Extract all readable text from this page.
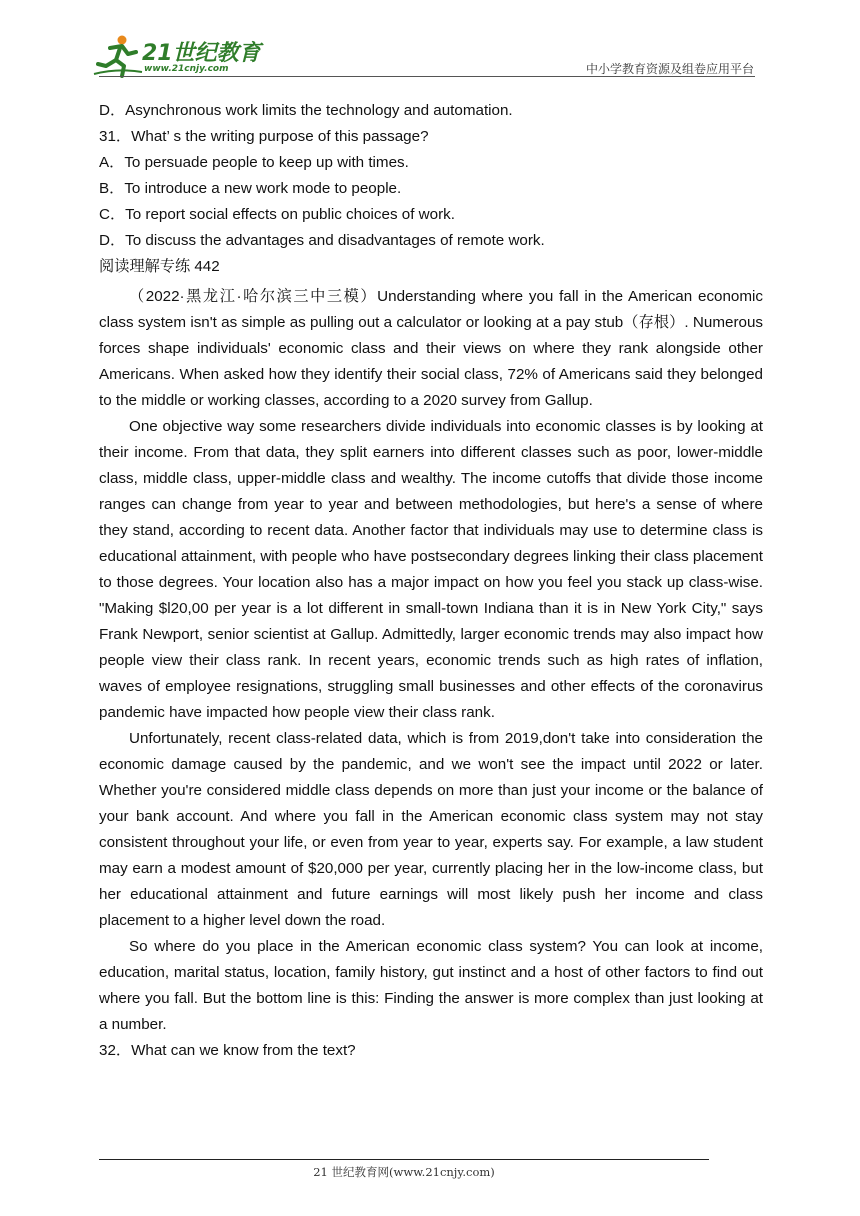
21世纪教育
www.21cnjy.com	中小学教育资源及组卷应用平台

D．Asynchronous work limits the technology and automation.

31．What’ s the writing purpose of this passage?

A．To persuade people to keep up with times.

B．To introduce a new work mode to people.

C．To report social effects on public choices of work.

D．To discuss the advantages and disadvantages of remote work.

阅读理解专练 442

（2022·黑龙江·哈尔滨三中三模）Understanding where you fall in the American economic class system isn't as simple as pulling out a calculator or looking at a pay stub（存根）. Numerous forces shape individuals' economic class and their views on where they rank alongside other Americans. When asked how they identify their social class, 72% of Americans said they belonged to the middle or working classes, according to a 2020 survey from Gallup.

One objective way some researchers divide individuals into economic classes is by looking at their income. From that data, they split earners into different classes such as poor, lower-middle class, middle class, upper-middle class and wealthy. The income cutoffs that divide those income ranges can change from year to year and between methodologies, but here's a sense of where they stand, according to recent data. Another factor that individuals may use to determine class is educational attainment, with people who have postsecondary degrees linking their class placement to those degrees. Your location also has a major impact on how you feel you stack up class-wise. "Making $l20,00 per year is a lot different in small-town Indiana than it is in New York City," says Frank Newport, senior scientist at Gallup. Admittedly, larger economic trends may also impact how people view their class rank. In recent years, economic trends such as high rates of inflation, waves of employee resignations, struggling small businesses and other effects of the coronavirus pandemic have impacted how people view their class rank.

Unfortunately, recent class-related data, which is from 2019,don't take into consideration the economic damage caused by the pandemic, and we won't see the impact until 2022 or later. Whether you're considered middle class depends on more than just your income or the balance of your bank account. And where you fall in the American economic class system may not stay consistent throughout your life, or even from year to year, experts say. For example, a law student may earn a modest amount of $20,000 per year, currently placing her in the low-income class, but her educational attainment and future earnings will most likely push her income and class placement to a higher level down the road.

So where do you place in the American economic class system? You can look at income, education, marital status, location, family history, gut instinct and a host of other factors to find out where you fall. But the bottom line is this: Finding the answer is more complex than just looking at a number.

32．What can we know from the text?

21 世纪教育网(www.21cnjy.com)
